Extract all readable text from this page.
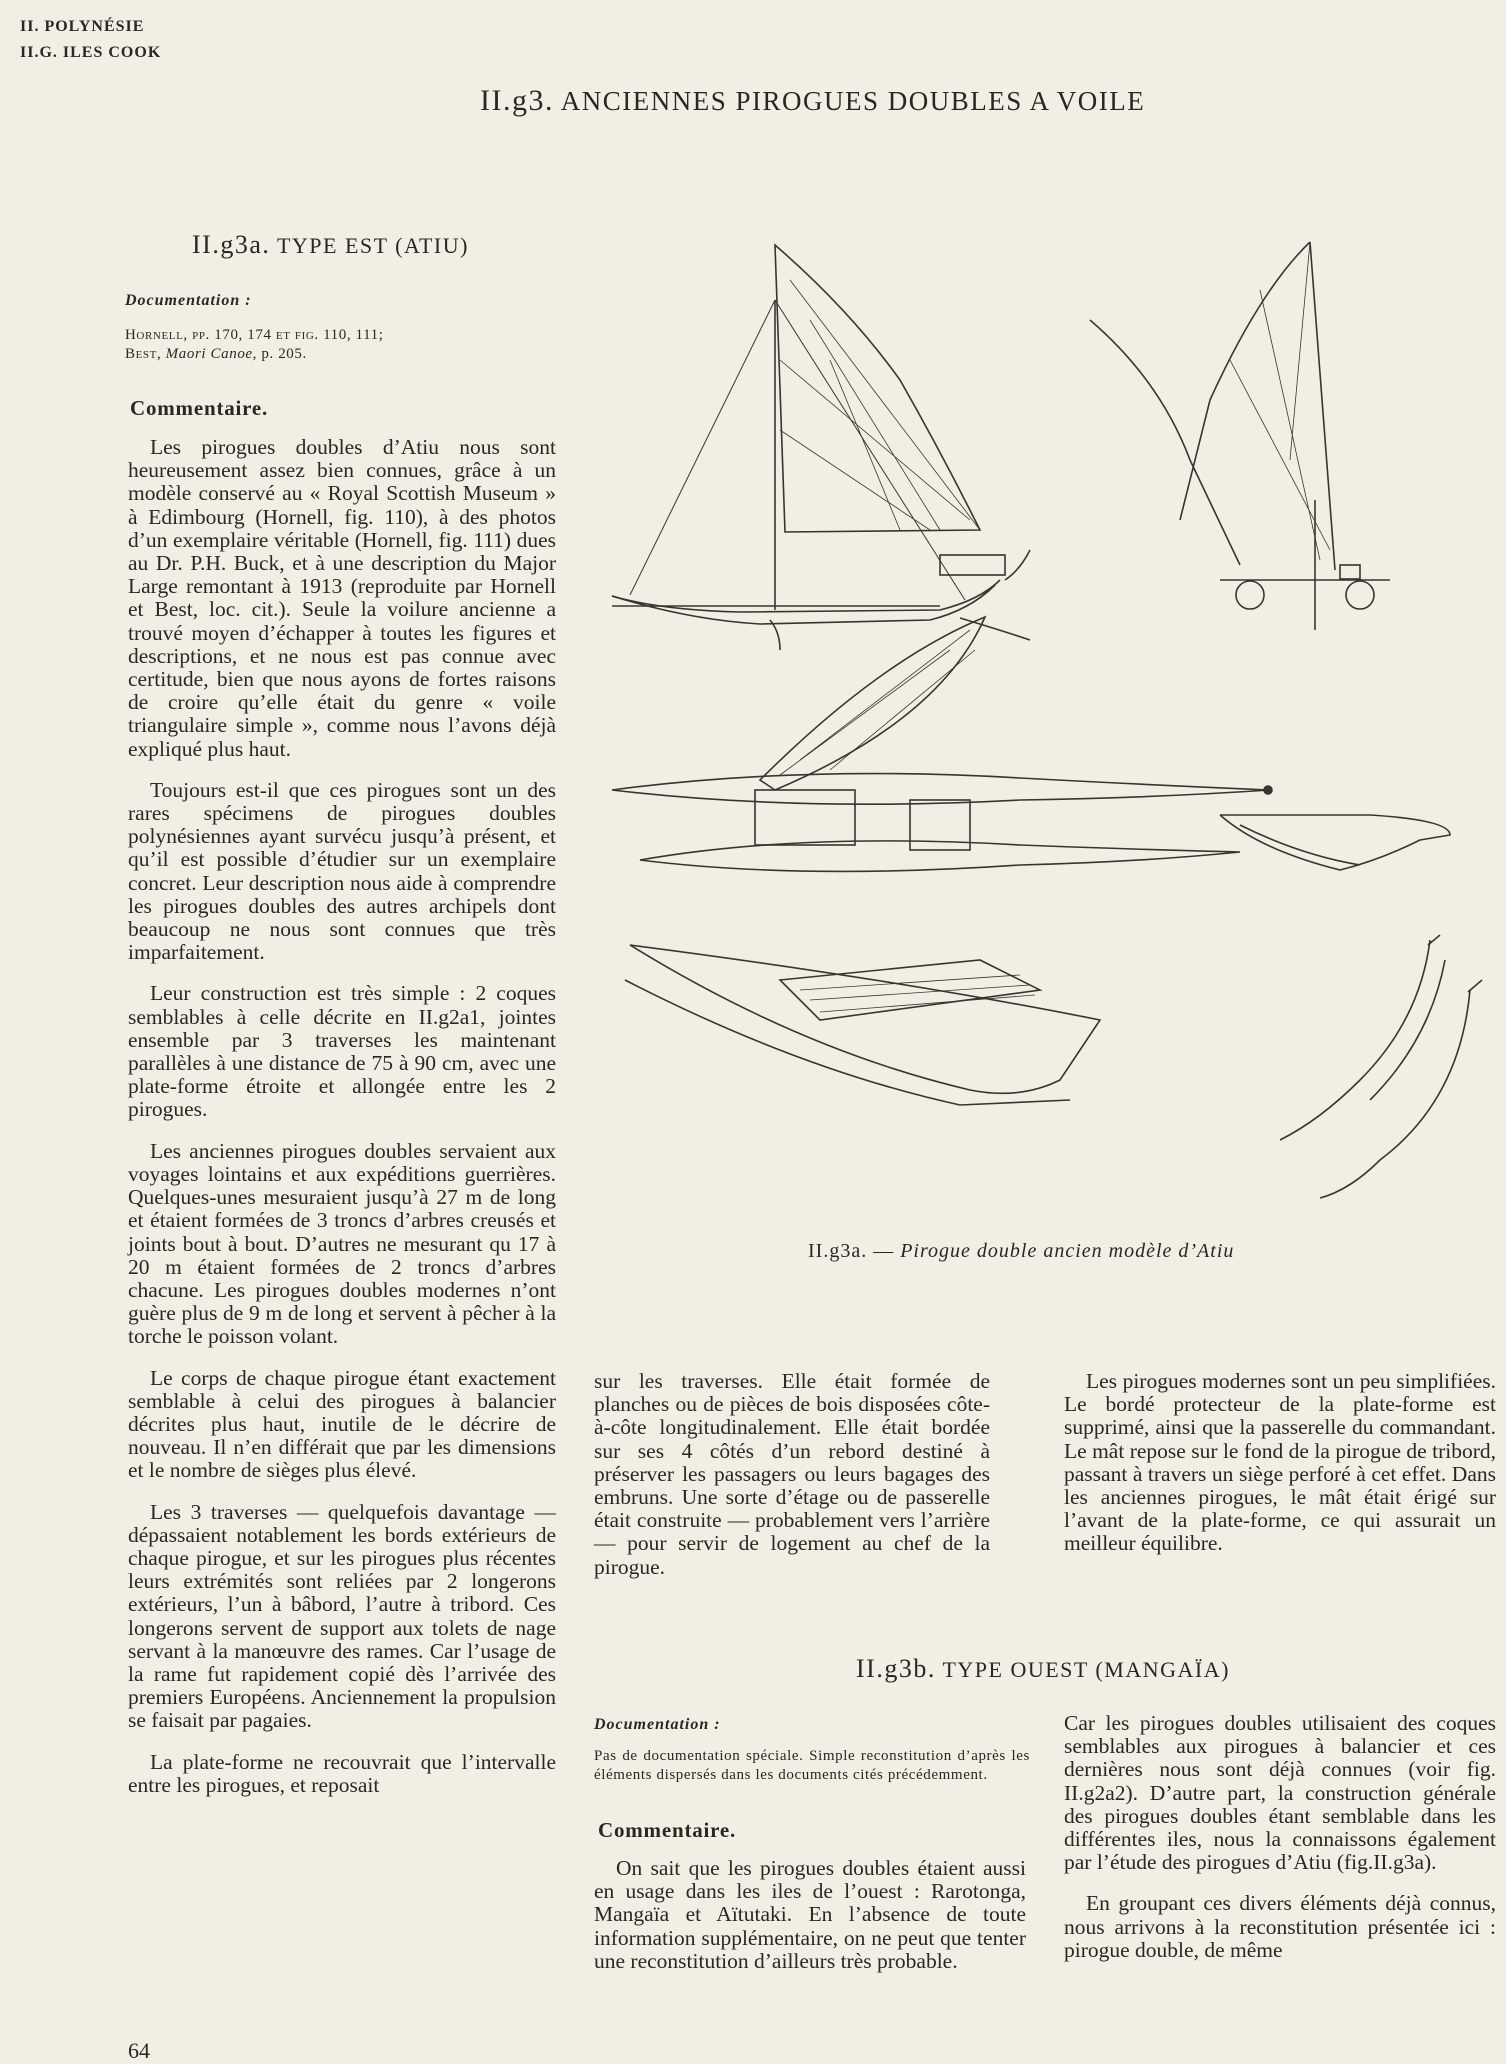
II. POLYNÉSIE
II.G. ILES COOK
II.g3. ANCIENNES PIROGUES DOUBLES A VOILE
II.g3a. TYPE EST (ATIU)
Documentation :
Hornell, pp. 170, 174 et fig. 110, 111;
Best, Maori Canoe, p. 205.
Commentaire.

Les pirogues doubles d’Atiu nous sont heureusement assez bien connues, grâce à un modèle conservé au « Royal Scottish Museum » à Edimbourg (Hornell, fig. 110), à des photos d’un exemplaire véritable (Hornell, fig. 111) dues au Dr. P.H. Buck, et à une description du Major Large remontant à 1913 (reproduite par Hornell et Best, loc. cit.). Seule la voilure ancienne a trouvé moyen d’échapper à toutes les figures et descriptions, et ne nous est pas connue avec certitude, bien que nous ayons de fortes raisons de croire qu’elle était du genre « voile triangulaire simple », comme nous l’avons déjà expliqué plus haut.

Toujours est-il que ces pirogues sont un des rares spécimens de pirogues doubles polynésiennes ayant survécu jusqu’à présent, et qu’il est possible d’étudier sur un exemplaire concret. Leur description nous aide à comprendre les pirogues doubles des autres archipels dont beaucoup ne nous sont connues que très imparfaitement.

Leur construction est très simple : 2 coques semblables à celle décrite en II.g2a1, jointes ensemble par 3 traverses les maintenant parallèles à une distance de 75 à 90 cm, avec une plate-forme étroite et allongée entre les 2 pirogues.

Les anciennes pirogues doubles servaient aux voyages lointains et aux expéditions guerrières. Quelques-unes mesuraient jusqu’à 27 m de long et étaient formées de 3 troncs d’arbres creusés et joints bout à bout. D’autres ne mesurant qu 17 à 20 m étaient formées de 2 troncs d’arbres chacune. Les pirogues doubles modernes n’ont guère plus de 9 m de long et servent à pêcher à la torche le poisson volant.

Le corps de chaque pirogue étant exactement semblable à celui des pirogues à balancier décrites plus haut, inutile de le décrire de nouveau. Il n’en différait que par les dimensions et le nombre de sièges plus élevé.

Les 3 traverses — quelquefois davantage — dépassaient notablement les bords extérieurs de chaque pirogue, et sur les pirogues plus récentes leurs extrémités sont reliées par 2 longerons extérieurs, l’un à bâbord, l’autre à tribord. Ces longerons servent de support aux tolets de nage servant à la manœuvre des rames. Car l’usage de la rame fut rapidement copié dès l’arrivée des premiers Européens. Anciennement la propulsion se faisait par pagaies.

La plate-forme ne recouvrait que l’intervalle entre les pirogues, et reposait

II.g3a. — Pirogue double ancien modèle d’Atiu

sur les traverses. Elle était formée de planches ou de pièces de bois disposées côte-à-côte longitudinalement. Elle était bordée sur ses 4 côtés d’un rebord destiné à préserver les passagers ou leurs bagages des embruns. Une sorte d’étage ou de passerelle était construite — probablement vers l’arrière — pour servir de logement au chef de la pirogue.

Les pirogues modernes sont un peu simplifiées. Le bordé protecteur de la plate-forme est supprimé, ainsi que la passerelle du commandant. Le mât repose sur le fond de la pirogue de tribord, passant à travers un siège perforé à cet effet. Dans les anciennes pirogues, le mât était érigé sur l’avant de la plate-forme, ce qui assurait un meilleur équilibre.

II.g3b. TYPE OUEST (MANGAÏA)
Documentation :
Pas de documentation spéciale. Simple reconstitution d’après les éléments dispersés dans les documents cités précédemment.
Commentaire.

On sait que les pirogues doubles étaient aussi en usage dans les iles de l’ouest : Rarotonga, Mangaïa et Aïtutaki. En l’absence de toute information supplémentaire, on ne peut que tenter une reconstitution d’ailleurs très probable.

Car les pirogues doubles utilisaient des coques semblables aux pirogues à balancier et ces dernières nous sont déjà connues (voir fig. II.g2a2). D’autre part, la construction générale des pirogues doubles étant semblable dans les différentes iles, nous la connaissons également par l’étude des pirogues d’Atiu (fig.II.g3a).

En groupant ces divers éléments déjà connus, nous arrivons à la reconstitution présentée ici : pirogue double, de même

64
